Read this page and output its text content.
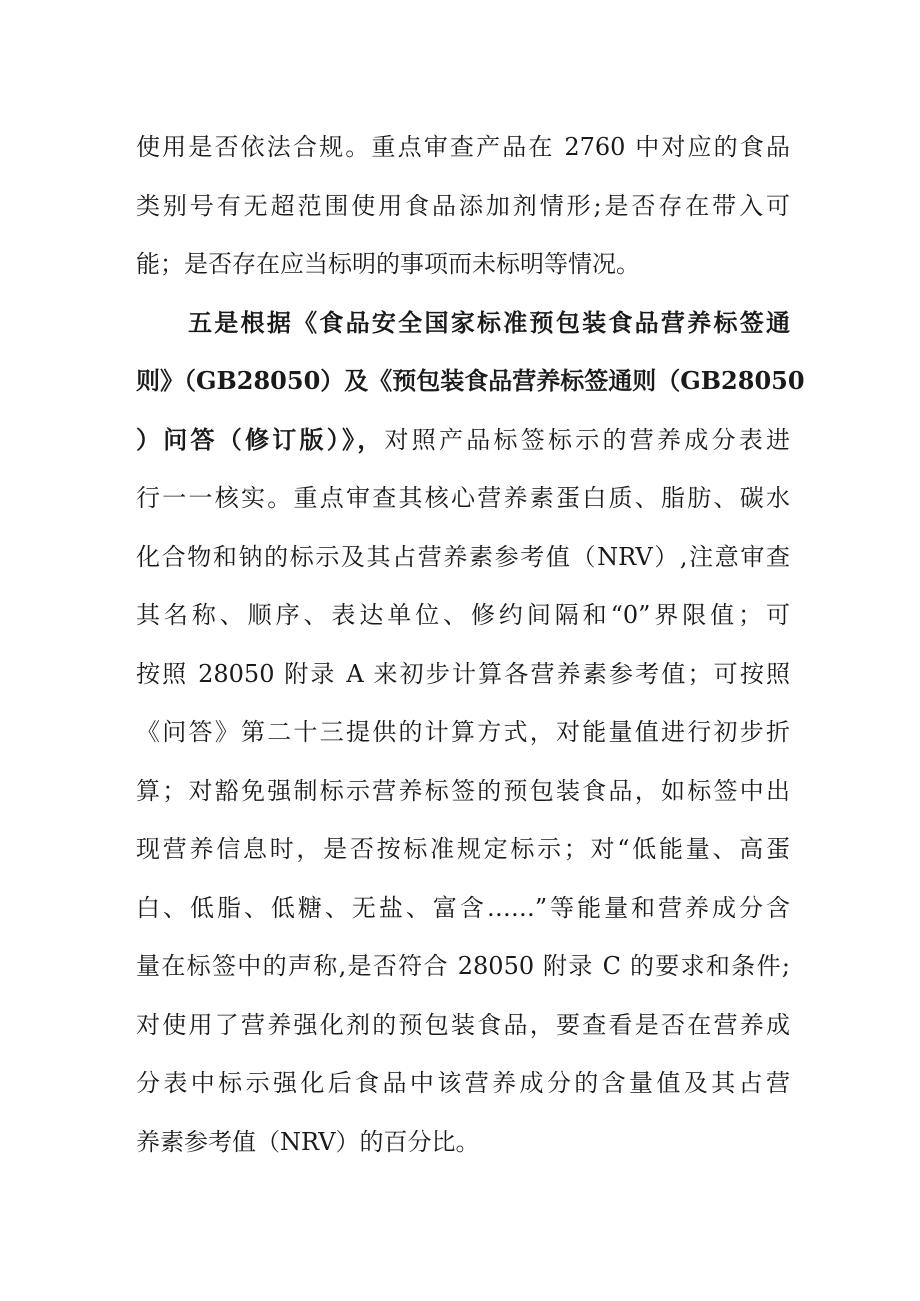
使用是否依法合规。重点审查产品在 2760 中对应的食品
类别号有无超范围使用食品添加剂情形;是否存在带入可
能；是否存在应当标明的事项而未标明等情况。
五是根据《食品安全国家标准预包装食品营养标签通
则》（GB28050）及《预包装食品营养标签通则（GB28050
）问答（修订版）》，对照产品标签标示的营养成分表进
行一一核实。重点审查其核心营养素蛋白质、脂肪、碳水
化合物和钠的标示及其占营养素参考值（NRV）,注意审查
其名称、顺序、表达单位、修约间隔和“0”界限值；可
按照 28050 附录 A 来初步计算各营养素参考值；可按照
《问答》第二十三提供的计算方式，对能量值进行初步折
算；对豁免强制标示营养标签的预包装食品，如标签中出
现营养信息时，是否按标准规定标示；对“低能量、高蛋
白、低脂、低糖、无盐、富含……”等能量和营养成分含
量在标签中的声称,是否符合 28050 附录 C 的要求和条件;
对使用了营养强化剂的预包装食品，要查看是否在营养成
分表中标示强化后食品中该营养成分的含量值及其占营
养素参考值（NRV）的百分比。
